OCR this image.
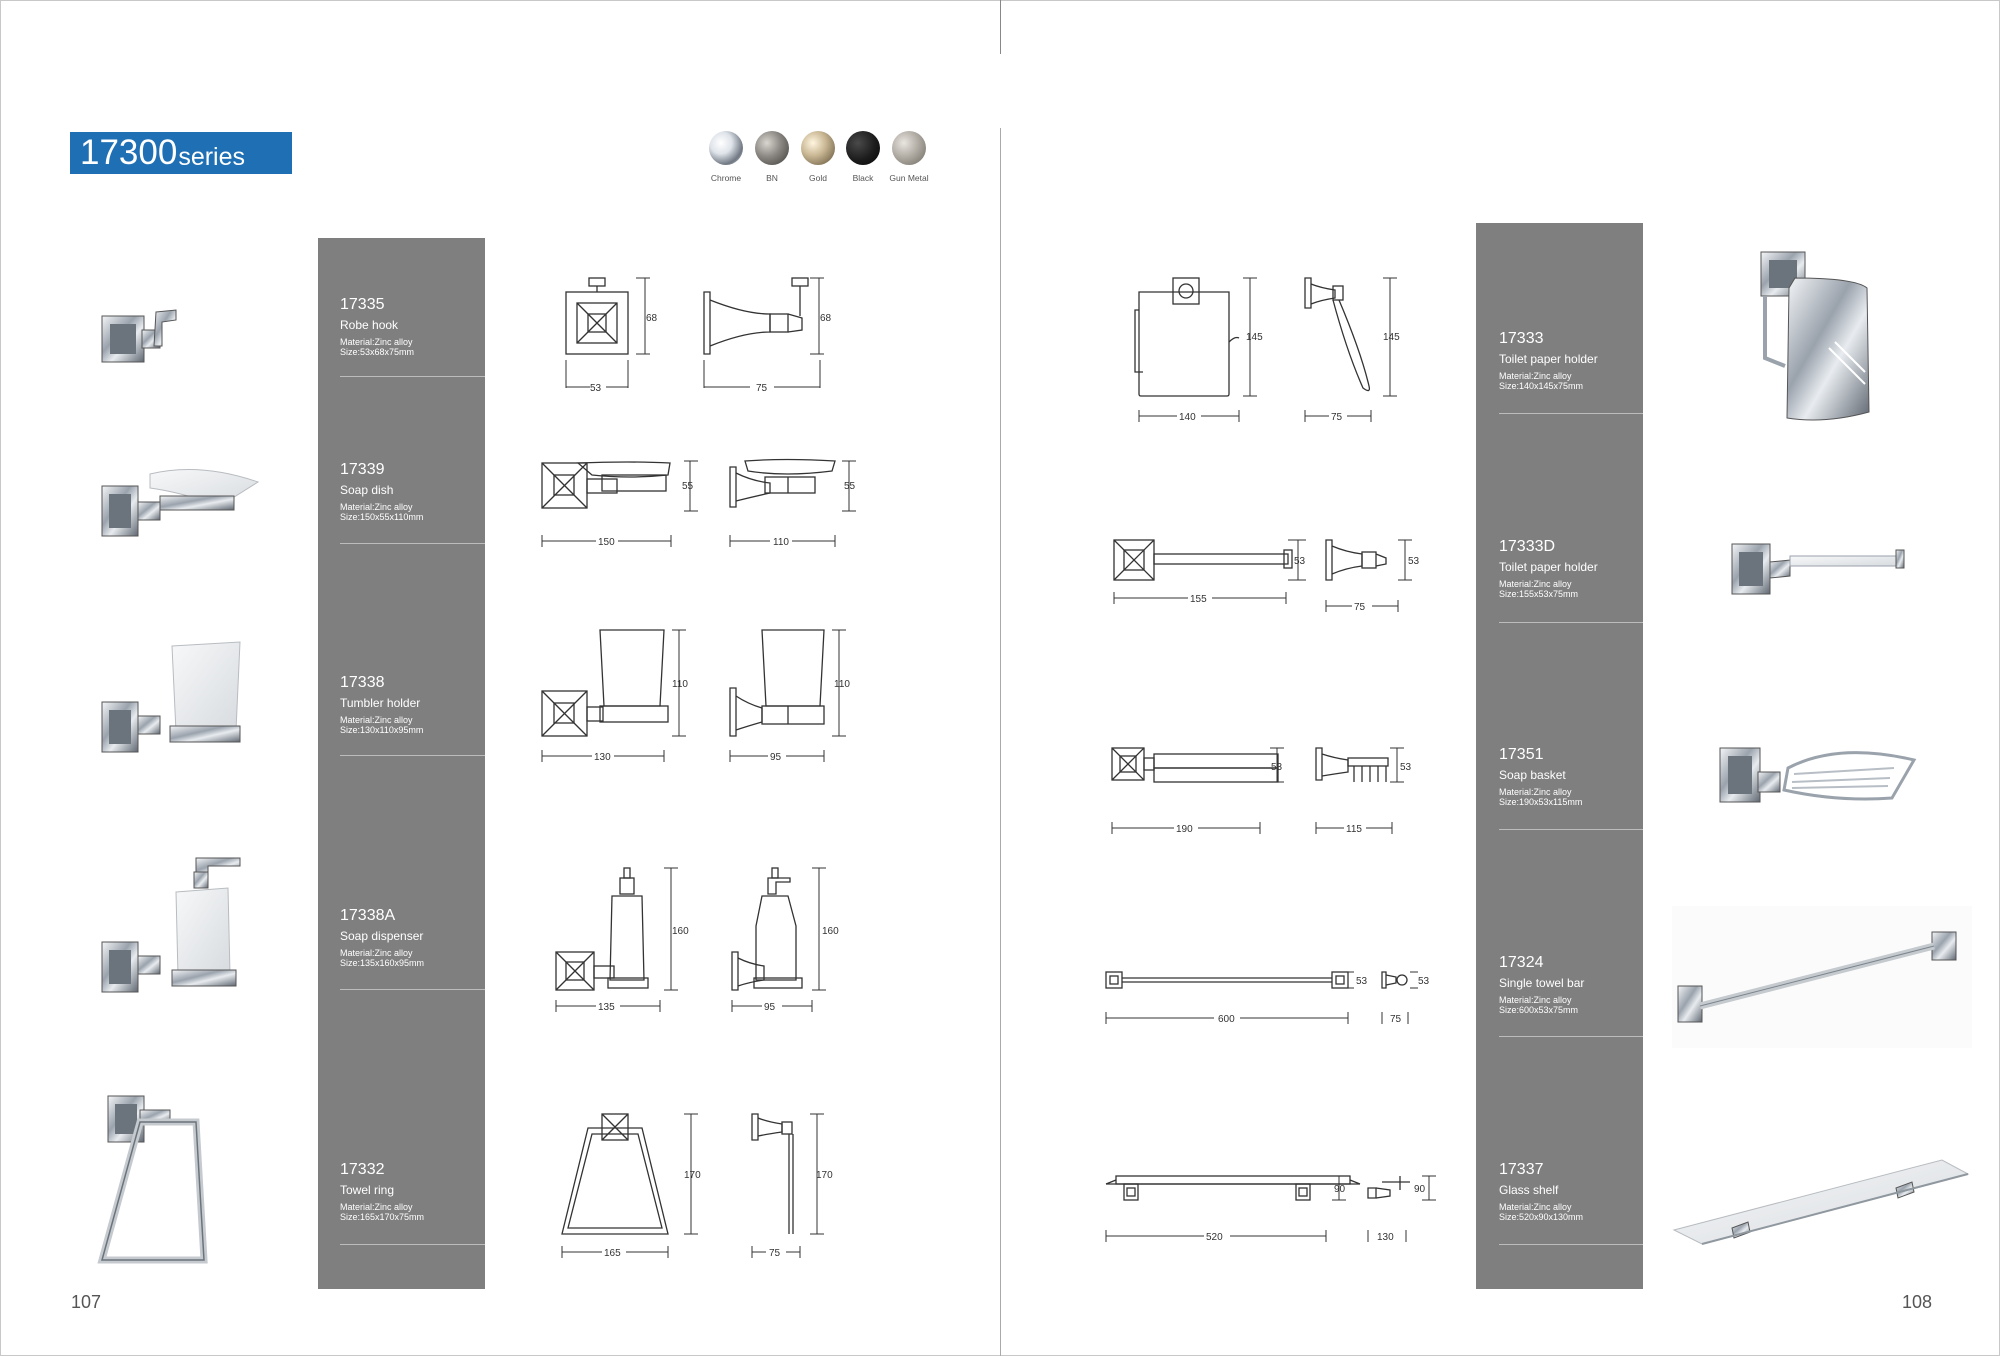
17300 series
Chrome	BN	Gold	Black	Gun Metal
17335
Robe hook
Material:Zinc alloy
Size:53x68x75mm
17339
Soap dish
Material:Zinc alloy
Size:150x55x110mm
17338
Tumbler holder
Material:Zinc alloy
Size:130x110x95mm
17338A
Soap dispenser
Material:Zinc alloy
Size:135x160x95mm
17332
Towel ring
Material:Zinc alloy
Size:165x170x75mm
17333
Toilet paper holder
Material:Zinc alloy
Size:140x145x75mm
17333D
Toilet paper holder
Material:Zinc alloy
Size:155x53x75mm
17351
Soap basket
Material:Zinc alloy
Size:190x53x115mm
17324
Single towel bar
Material:Zinc alloy
Size:600x53x75mm
17337
Glass shelf
Material:Zinc alloy
Size:520x90x130mm
68
53
68
75
55
150
55
110
110
130
110
95
160
135
160
95
170
165
170
75
145
140
145
75
53
155
53
75
53
190
53
115
53
600
53
75
90
520
90
130
107	108
